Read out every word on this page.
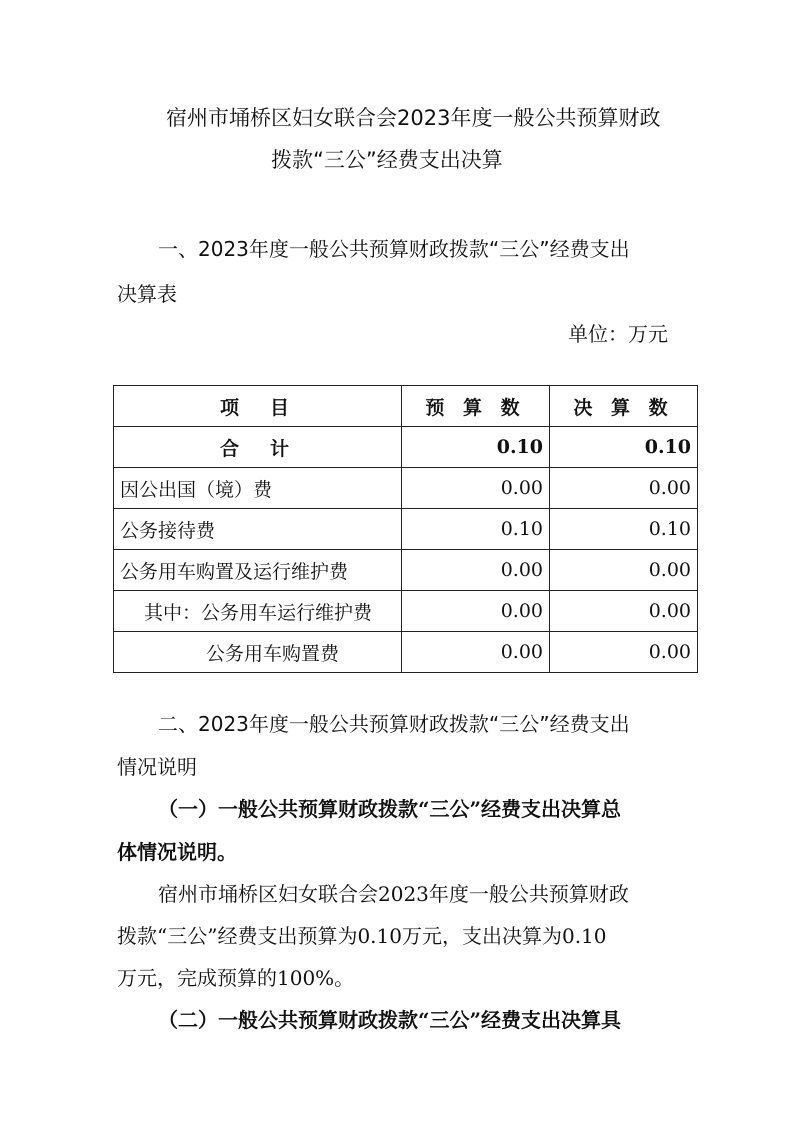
宿州市埇桥区妇女联合会2023年度一般公共预算财政
拨款“三公”经费支出决算
一、2023年度一般公共预算财政拨款“三公”经费支出
决算表
单位：万元
项　目	预 算 数	决 算 数
合　计	0.10	0.10
因公出国（境）费	0.00	0.00
公务接待费	0.10	0.10
公务用车购置及运行维护费	0.00	0.00
其中：公务用车运行维护费	0.00	0.00
公务用车购置费	0.00	0.00
二、2023年度一般公共预算财政拨款“三公”经费支出
情况说明
（一）一般公共预算财政拨款“三公”经费支出决算总
体情况说明。
宿州市埇桥区妇女联合会2023年度一般公共预算财政
拨款“三公”经费支出预算为0.10万元，支出决算为0.10
万元，完成预算的100%。
（二）一般公共预算财政拨款“三公”经费支出决算具
